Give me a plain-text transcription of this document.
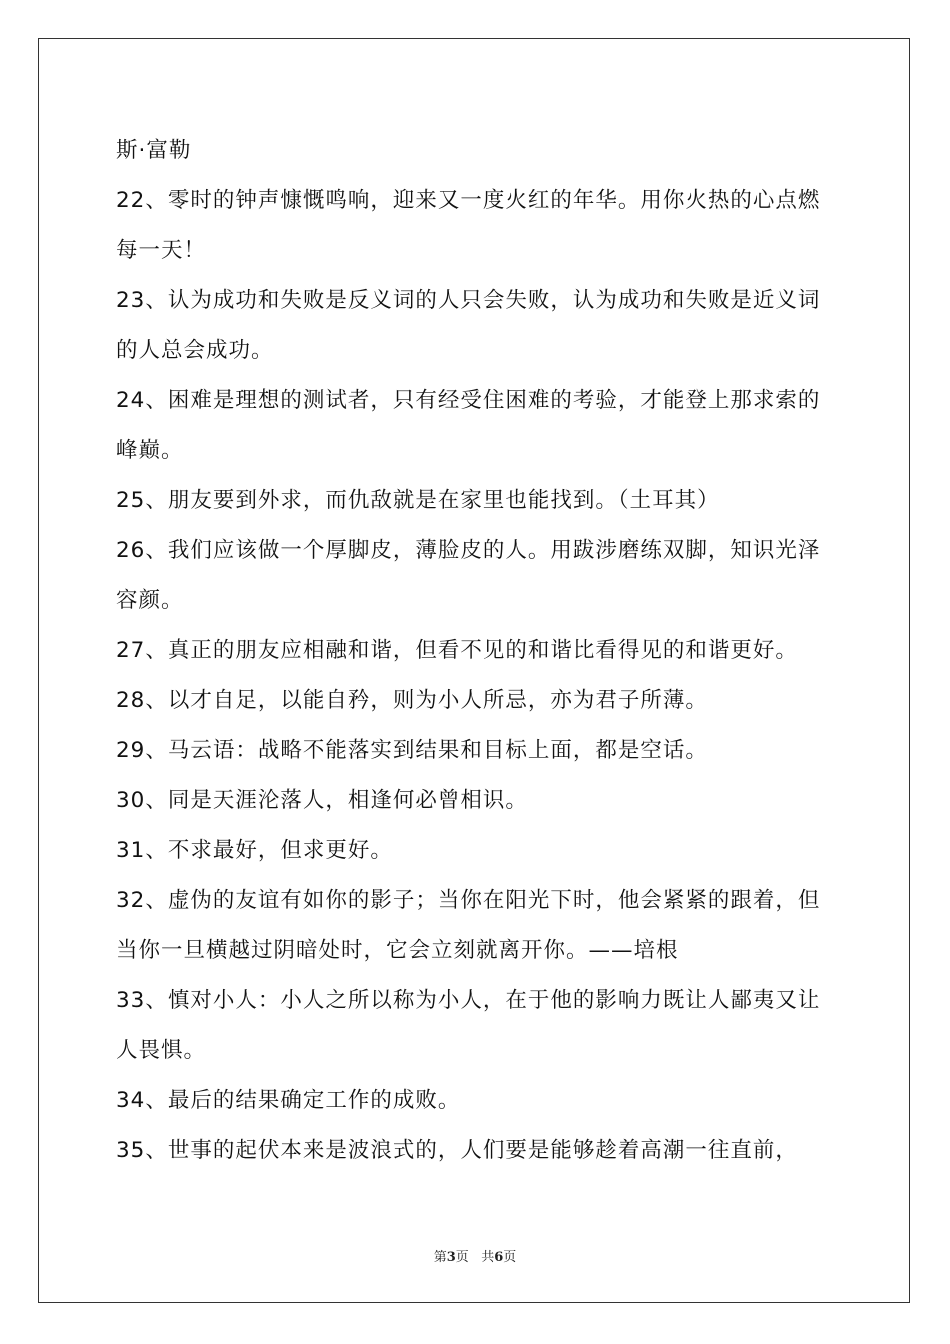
斯·富勒

22、零时的钟声慷慨鸣响，迎来又一度火红的年华。用你火热的心点燃每一天！

23、认为成功和失败是反义词的人只会失败，认为成功和失败是近义词的人总会成功。

24、困难是理想的测试者，只有经受住困难的考验，才能登上那求索的峰巅。

25、朋友要到外求，而仇敌就是在家里也能找到。（土耳其）

26、我们应该做一个厚脚皮，薄脸皮的人。用跋涉磨练双脚，知识光泽容颜。

27、真正的朋友应相融和谐，但看不见的和谐比看得见的和谐更好。

28、以才自足，以能自矜，则为小人所忌，亦为君子所薄。

29、马云语：战略不能落实到结果和目标上面，都是空话。

30、同是天涯沦落人，相逢何必曾相识。

31、不求最好，但求更好。

32、虚伪的友谊有如你的影子；当你在阳光下时，他会紧紧的跟着，但当你一旦横越过阴暗处时，它会立刻就离开你。——培根

33、慎对小人：小人之所以称为小人，在于他的影响力既让人鄙夷又让人畏惧。

34、最后的结果确定工作的成败。

35、世事的起伏本来是波浪式的，人们要是能够趁着高潮一往直前，

第3页 共6页
